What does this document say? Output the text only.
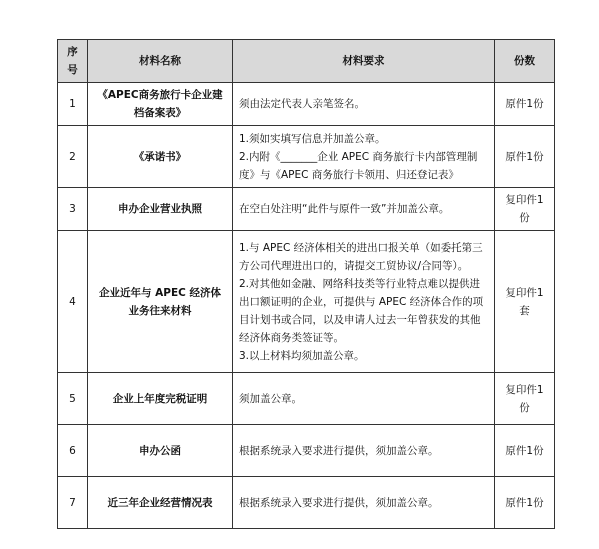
序号	材料名称	材料要求	份数
1	《APEC商务旅行卡企业建档备案表》	须由法定代表人亲笔签名。	原件1份
2	《承诺书》	1.须如实填写信息并加盖公章。
2.内附《_______企业 APEC 商务旅行卡内部管理制度》与《APEC 商务旅行卡领用、归还登记表》	原件1份
3	申办企业营业执照	在空白处注明“此件与原件一致”并加盖公章。	复印件1份
4	企业近年与 APEC 经济体业务往来材料	1.与 APEC 经济体相关的进出口报关单（如委托第三方公司代理进出口的，请提交工贸协议/合同等）。
2.对其他如金融、网络科技类等行业特点难以提供进出口额证明的企业，可提供与 APEC 经济体合作的项目计划书或合同，以及申请人过去一年曾获发的其他经济体商务类签证等。
3.以上材料均须加盖公章。	复印件1套
5	企业上年度完税证明	须加盖公章。	复印件1份
6	申办公函	根据系统录入要求进行提供，须加盖公章。	原件1份
7	近三年企业经营情况表	根据系统录入要求进行提供，须加盖公章。	原件1份
